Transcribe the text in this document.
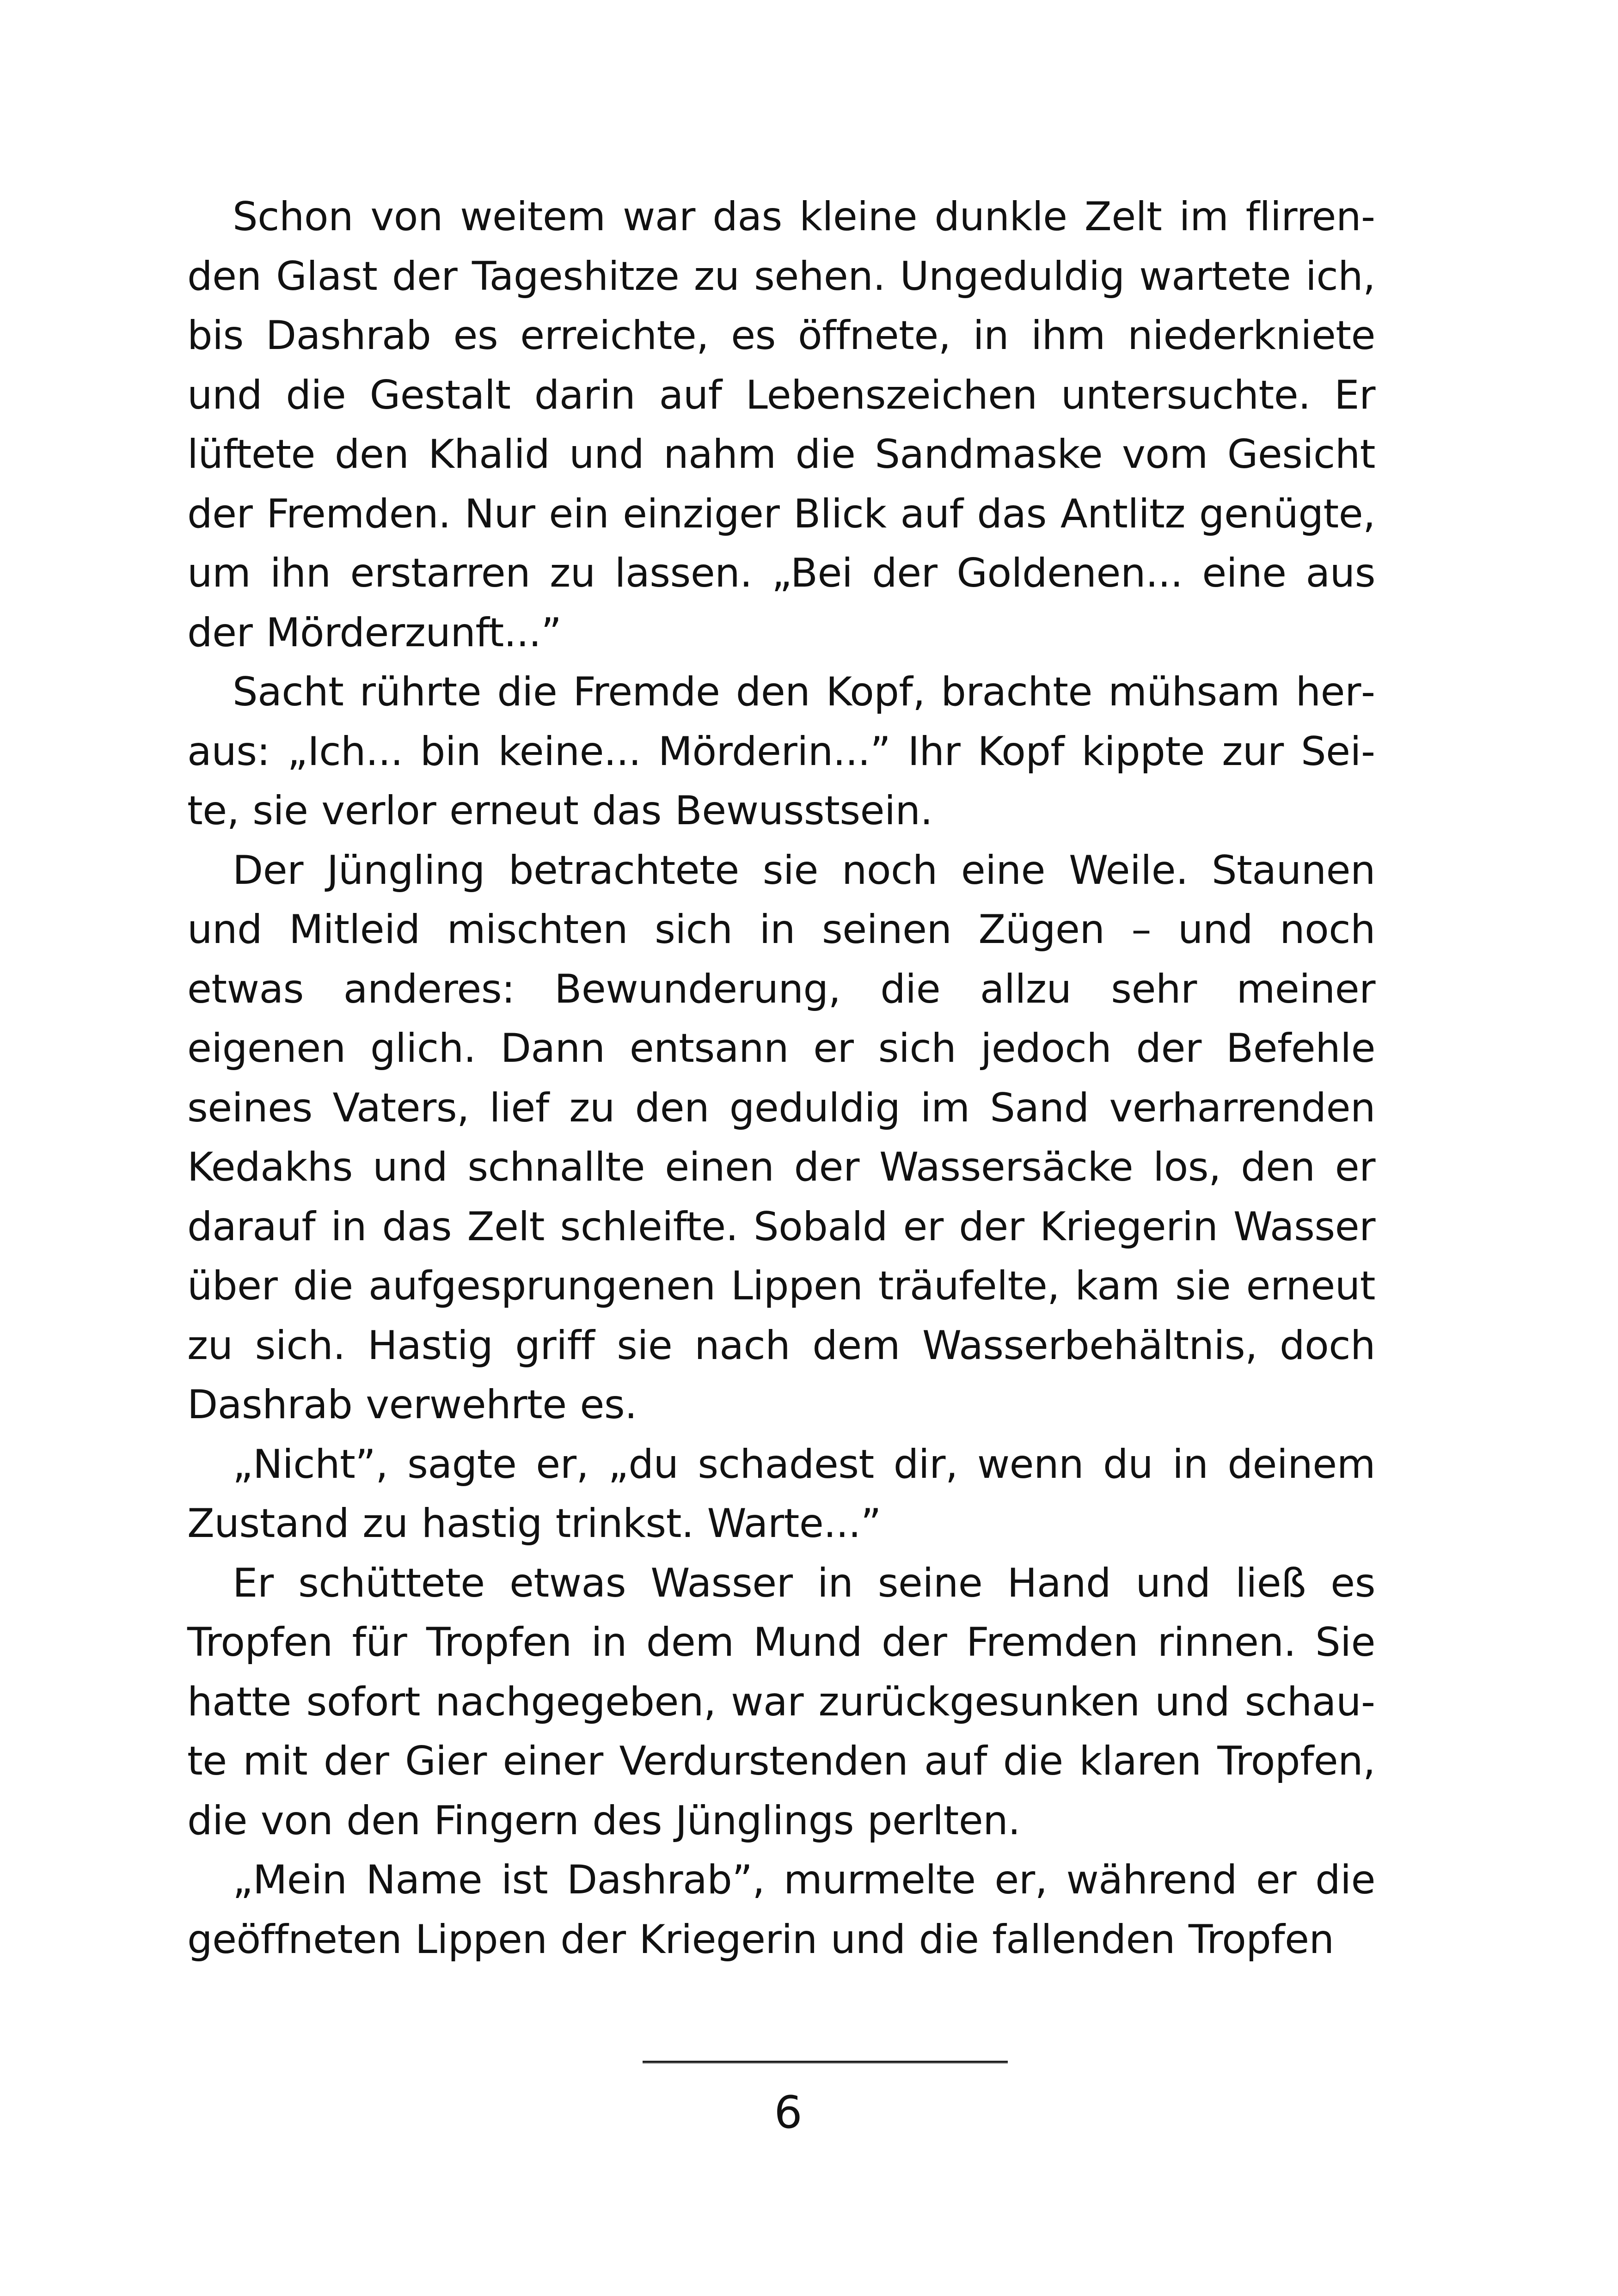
Schon von weitem war das kleine dunkle Zelt im flirrenden Glast der Tageshitze zu sehen. Ungeduldig wartete ich, bis Dashrab es erreichte, es öffnete, in ihm niederkniete und die Gestalt darin auf Lebenszeichen untersuchte. Er lüftete den Khalid und nahm die Sandmaske vom Gesicht der Fremden. Nur ein einziger Blick auf das Antlitz genügte, um ihn erstarren zu lassen. „Bei der Goldenen... eine aus der Mörderzunft...”

Sacht rührte die Fremde den Kopf, brachte mühsam heraus: „Ich... bin keine... Mörderin...” Ihr Kopf kippte zur Seite, sie verlor erneut das Bewusstsein.

Der Jüngling betrachtete sie noch eine Weile. Staunen und Mitleid mischten sich in seinen Zügen – und noch etwas anderes: Bewunderung, die allzu sehr meiner eigenen glich. Dann entsann er sich jedoch der Befehle seines Vaters, lief zu den geduldig im Sand verharrenden Kedakhs und schnallte einen der Wassersäcke los, den er darauf in das Zelt schleifte. Sobald er der Kriegerin Wasser über die aufgesprungenen Lippen träufelte, kam sie erneut zu sich. Hastig griff sie nach dem Wasserbehältnis, doch Dashrab verwehrte es.

„Nicht”, sagte er, „du schadest dir, wenn du in deinem Zustand zu hastig trinkst. Warte...”

Er schüttete etwas Wasser in seine Hand und ließ es Tropfen für Tropfen in dem Mund der Fremden rinnen. Sie hatte sofort nachgegeben, war zurückgesunken und schaute mit der Gier einer Verdurstenden auf die klaren Tropfen, die von den Fingern des Jünglings perlten.

„Mein Name ist Dashrab”, murmelte er, während er die geöffneten Lippen der Kriegerin und die fallenden Tropfen

6
